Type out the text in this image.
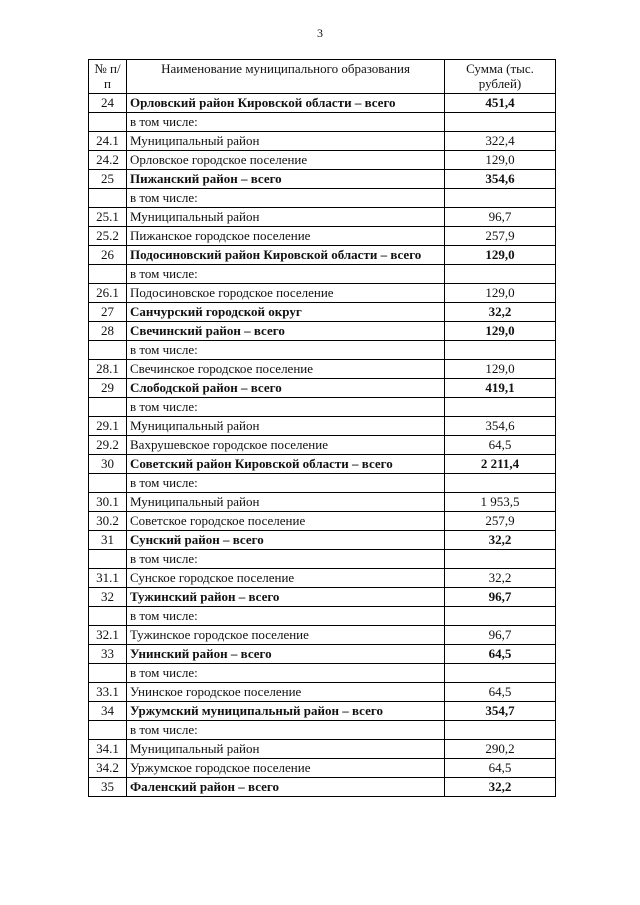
3
№ п/п	Наименование муниципального образования	Сумма (тыс. рублей)
24	Орловский район Кировской области – всего	451,4
	в том числе:	
24.1	Муниципальный район	322,4
24.2	Орловское городское поселение	129,0
25	Пижанский район – всего	354,6
	в том числе:	
25.1	Муниципальный район	96,7
25.2	Пижанское городское поселение	257,9
26	Подосиновский район Кировской области – всего	129,0
	в том числе:	
26.1	Подосиновское городское поселение	129,0
27	Санчурский городской округ	32,2
28	Свечинский район – всего	129,0
	в том числе:	
28.1	Свечинское городское поселение	129,0
29	Слободской район – всего	419,1
	в том числе:	
29.1	Муниципальный район	354,6
29.2	Вахрушевское городское поселение	64,5
30	Советский район Кировской области – всего	2 211,4
	в том числе:	
30.1	Муниципальный район	1 953,5
30.2	Советское городское поселение	257,9
31	Сунский район – всего	32,2
	в том числе:	
31.1	Сунское городское поселение	32,2
32	Тужинский район – всего	96,7
	в том числе:	
32.1	Тужинское городское поселение	96,7
33	Унинский район – всего	64,5
	в том числе:	
33.1	Унинское городское поселение	64,5
34	Уржумский муниципальный район – всего	354,7
	в том числе:	
34.1	Муниципальный район	290,2
34.2	Уржумское городское поселение	64,5
35	Фаленский район – всего	32,2
